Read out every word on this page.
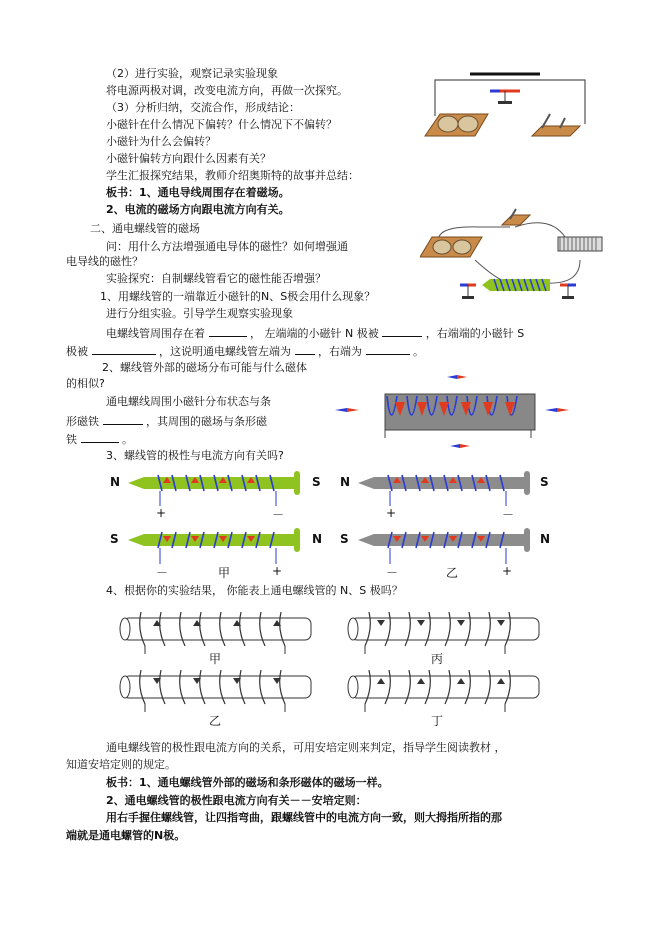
（2）进行实验，观察记录实验现象
将电源两极对调，改变电流方向，再做一次探究。
（3）分析归纳，交流合作，形成结论：
小磁针在什么情况下偏转？什么情况下不偏转？
小磁针为什么会偏转？
小磁针偏转方向跟什么因素有关？
学生汇报探究结果，教师介绍奥斯特的故事并总结：
板书：1、通电导线周围存在着磁场。
2、电流的磁场方向跟电流方向有关。
二、通电螺线管的磁场
问：用什么方法增强通电导体的磁性？如何增强通
电导线的磁性？
实验探究：自制螺线管看它的磁性能否增强？
1、用螺线管的一端靠近小磁针的N、S极会用什么现象？
进行分组实验。引导学生观察实验现象
电螺线管周围存在着	， 左端端的小磁针 N 极被	，右端端的小磁针 S
极被	，这说明通电螺线管左端为 ，右端为	。
2、螺线管外部的磁场分布可能与什么磁体
的相似?
通电螺线周围小磁针分布状态与条
形磁铁	，其周围的磁场与条形磁
铁	。
3、螺线管的极性与电流方向有关吗?
4、根据你的实验结果， 你能表上通电螺线管的 N、S 极吗？
通电螺线管的极性跟电流方向的关系，可用安培定则来判定，指导学生阅读教材 ，
知道安培定则的规定。
板书：1、通电螺线管外部的磁场和条形磁体的磁场一样。
2、通电螺线管的极性跟电流方向有关－－安培定则：
用右手握住螺线管，让四指弯曲，跟螺线管中的电流方向一致，则大拇指所指的那
端就是通电螺管的N极。
N	S N	S
S	N S	N
+	－	+	－
－	甲	+	－	乙	+
甲	丙
乙	丁
